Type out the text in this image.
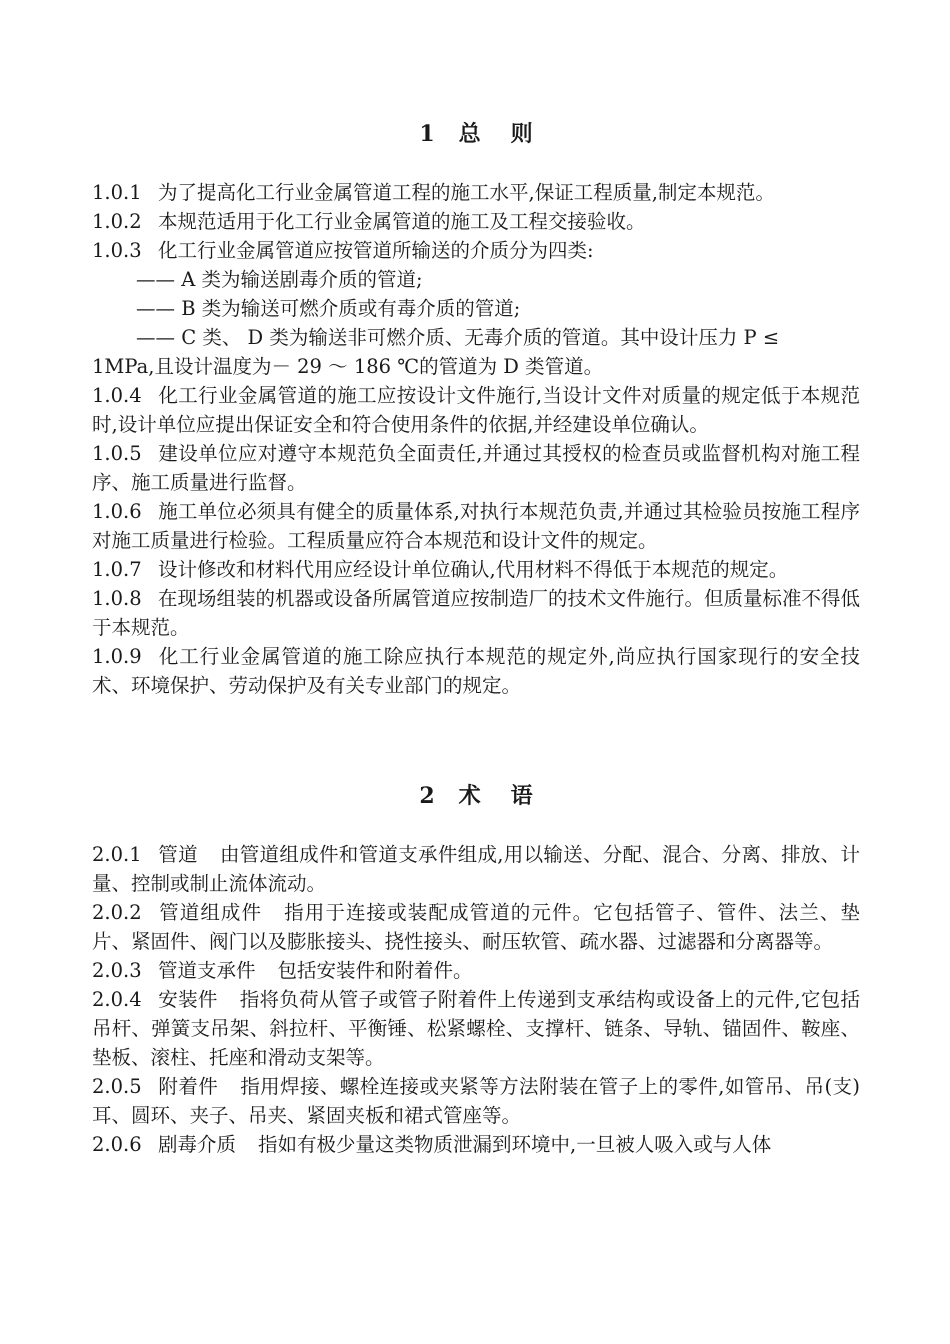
1 总 则

1.0.1 为了提高化工行业金属管道工程的施工水平,保证工程质量,制定本规范。

1.0.2 本规范适用于化工行业金属管道的施工及工程交接验收。

1.0.3 化工行业金属管道应按管道所输送的介质分为四类:

—— A 类为输送剧毒介质的管道;

—— B 类为输送可燃介质或有毒介质的管道;

—— C 类、 D 类为输送非可燃介质、无毒介质的管道。其中设计压力 P ≤

1MPa,且设计温度为－ 29 ～ 186 ℃的管道为 D 类管道。

1.0.4 化工行业金属管道的施工应按设计文件施行,当设计文件对质量的规定低于本规范时,设计单位应提出保证安全和符合使用条件的依据,并经建设单位确认。

1.0.5 建设单位应对遵守本规范负全面责任,并通过其授权的检查员或监督机构对施工程序、施工质量进行监督。

1.0.6 施工单位必须具有健全的质量体系,对执行本规范负责,并通过其检验员按施工程序对施工质量进行检验。工程质量应符合本规范和设计文件的规定。

1.0.7 设计修改和材料代用应经设计单位确认,代用材料不得低于本规范的规定。

1.0.8 在现场组装的机器或设备所属管道应按制造厂的技术文件施行。但质量标准不得低于本规范。

1.0.9 化工行业金属管道的施工除应执行本规范的规定外,尚应执行国家现行的安全技术、环境保护、劳动保护及有关专业部门的规定。

2 术 语

2.0.1 管道 由管道组成件和管道支承件组成,用以输送、分配、混合、分离、排放、计量、控制或制止流体流动。

2.0.2 管道组成件 指用于连接或装配成管道的元件。它包括管子、管件、法兰、垫片、紧固件、阀门以及膨胀接头、挠性接头、耐压软管、疏水器、过滤器和分离器等。

2.0.3 管道支承件 包括安装件和附着件。

2.0.4 安装件 指将负荷从管子或管子附着件上传递到支承结构或设备上的元件,它包括吊杆、弹簧支吊架、斜拉杆、平衡锤、松紧螺栓、支撑杆、链条、导轨、锚固件、鞍座、垫板、滚柱、托座和滑动支架等。

2.0.5 附着件 指用焊接、螺栓连接或夹紧等方法附装在管子上的零件,如管吊、吊(支)耳、圆环、夹子、吊夹、紧固夹板和裙式管座等。

2.0.6 剧毒介质 指如有极少量这类物质泄漏到环境中,一旦被人吸入或与人体
